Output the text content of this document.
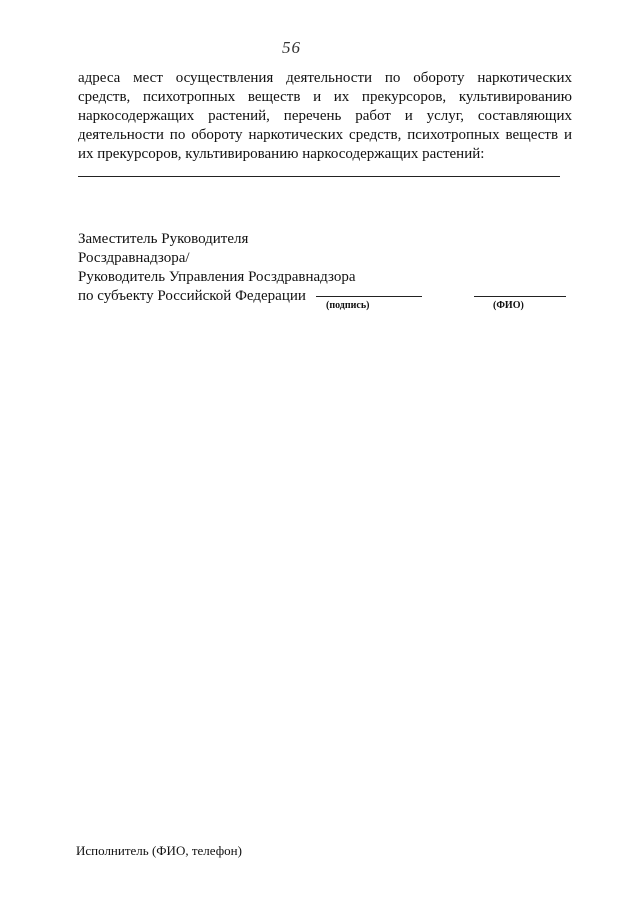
56
адреса мест осуществления деятельности по обороту наркотических средств, психотропных веществ и их прекурсоров, культивированию наркосодержащих растений, перечень работ и услуг, составляющих деятельности по обороту наркотических средств, психотропных веществ и их прекурсоров, культивированию наркосодержащих растений:
Заместитель Руководителя
Росздравнадзора/
Руководитель Управления Росздравнадзора
по субъекту Российской Федерации
(подпись)	(ФИО)
Исполнитель (ФИО, телефон)
